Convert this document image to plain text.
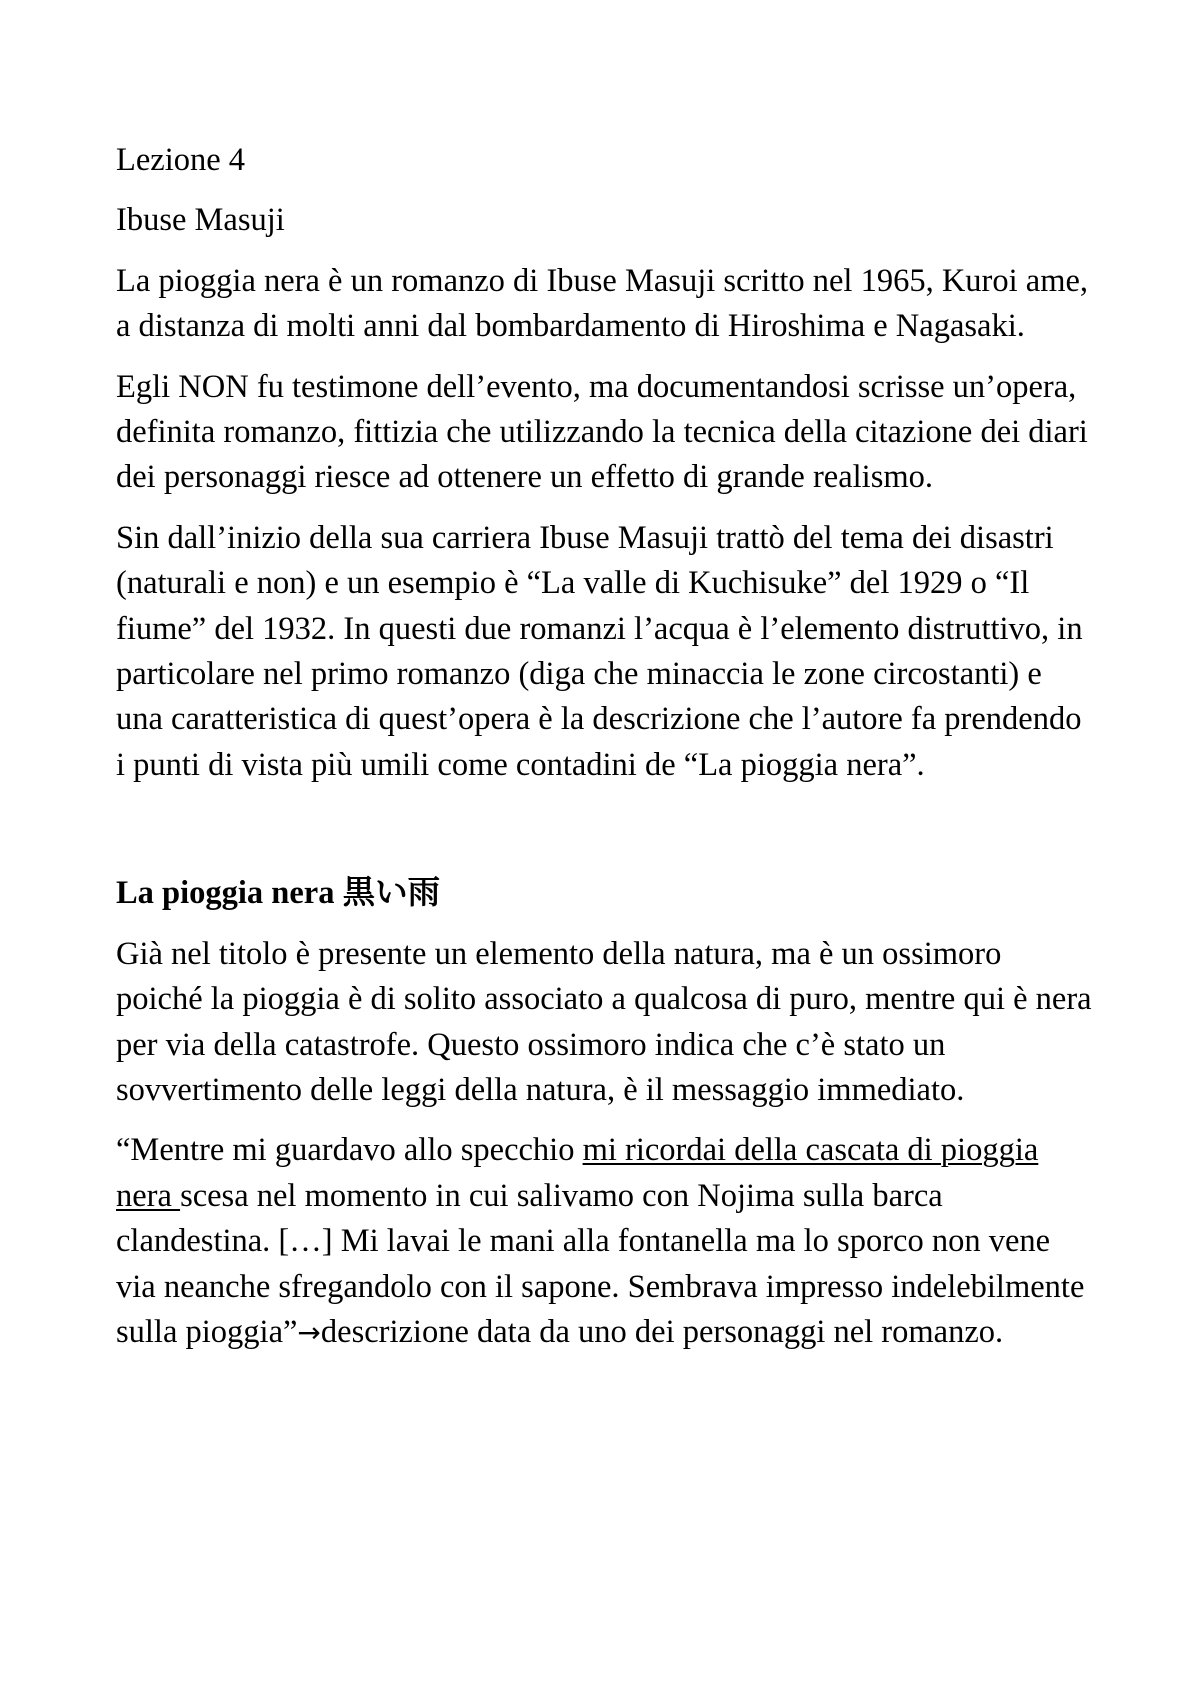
Lezione 4

Ibuse Masuji

La pioggia nera è un romanzo di Ibuse Masuji scritto nel 1965, Kuroi ame, a distanza di molti anni dal bombardamento di Hiroshima e Nagasaki.

Egli NON fu testimone dell’evento, ma documentandosi scrisse un’opera, definita romanzo, fittizia che utilizzando la tecnica della citazione dei diari dei personaggi riesce ad ottenere un effetto di grande realismo.

Sin dall’inizio della sua carriera Ibuse Masuji trattò del tema dei disastri (naturali e non) e un esempio è “La valle di Kuchisuke” del 1929 o “Il fiume” del 1932. In questi due romanzi l’acqua è l’elemento distruttivo, in particolare nel primo romanzo (diga che minaccia le zone circostanti) e una caratteristica di quest’opera è la descrizione che l’autore fa prendendo i punti di vista più umili come contadini de “La pioggia nera”.

La pioggia nera 黒い雨

Già nel titolo è presente un elemento della natura, ma è un ossimoro poiché la pioggia è di solito associato a qualcosa di puro, mentre qui è nera per via della catastrofe. Questo ossimoro indica che c’è stato un sovvertimento delle leggi della natura, è il messaggio immediato.

“Mentre mi guardavo allo specchio mi ricordai della cascata di pioggia nera scesa nel momento in cui salivamo con Nojima sulla barca clandestina. […] Mi lavai le mani alla fontanella ma lo sporco non vene via neanche sfregandolo con il sapone. Sembrava impresso indelebilmente sulla pioggia”→descrizione data da uno dei personaggi nel romanzo.
